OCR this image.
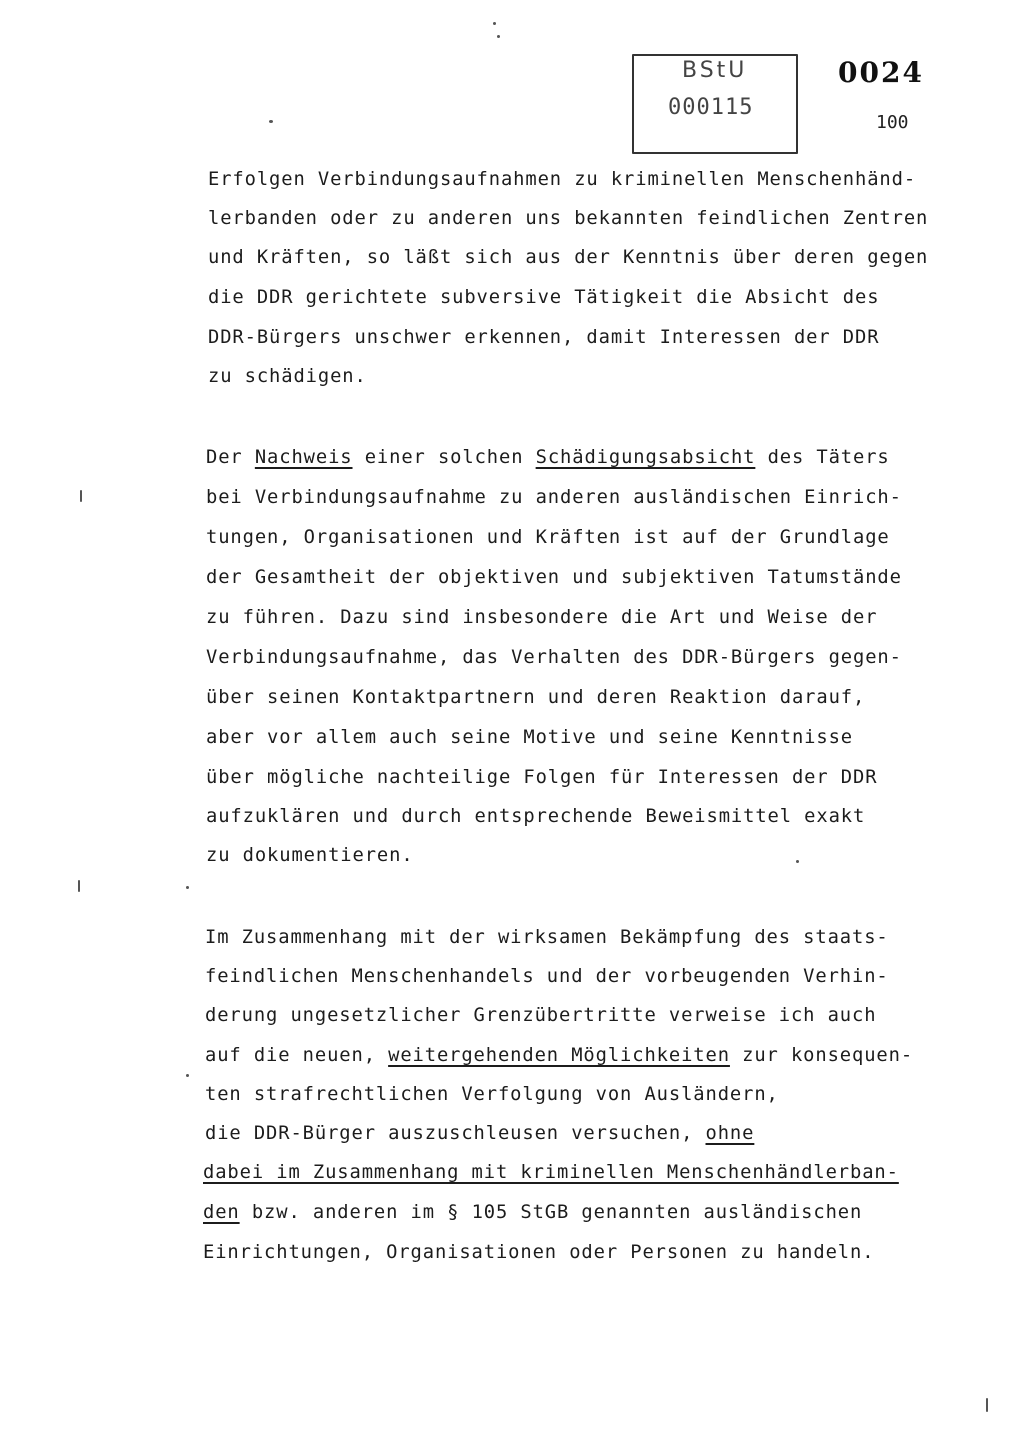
BStU
000115
0024
100
Erfolgen Verbindungsaufnahmen zu kriminellen Menschenhänd-
lerbanden oder zu anderen uns bekannten feindlichen Zentren
und Kräften, so läßt sich aus der Kenntnis über deren gegen
die DDR gerichtete subversive Tätigkeit die Absicht des
DDR-Bürgers unschwer erkennen, damit Interessen der DDR
zu schädigen.
Der Nachweis einer solchen Schädigungsabsicht des Täters
bei Verbindungsaufnahme zu anderen ausländischen Einrich-
tungen, Organisationen und Kräften ist auf der Grundlage
der Gesamtheit der objektiven und subjektiven Tatumstände
zu führen. Dazu sind insbesondere die Art und Weise der
Verbindungsaufnahme, das Verhalten des DDR-Bürgers gegen-
über seinen Kontaktpartnern und deren Reaktion darauf,
aber vor allem auch seine Motive und seine Kenntnisse
über mögliche nachteilige Folgen für Interessen der DDR
aufzuklären und durch entsprechende Beweismittel exakt
zu dokumentieren.
Im Zusammenhang mit der wirksamen Bekämpfung des staats-
feindlichen Menschenhandels und der vorbeugenden Verhin-
derung ungesetzlicher Grenzübertritte verweise ich auch
auf die neuen, weitergehenden Möglichkeiten zur konsequen-
ten strafrechtlichen Verfolgung von Ausländern,
die DDR-Bürger auszuschleusen versuchen, ohne
dabei im Zusammenhang mit kriminellen Menschenhändlerban-
den bzw. anderen im § 105 StGB genannten ausländischen
Einrichtungen, Organisationen oder Personen zu handeln.
